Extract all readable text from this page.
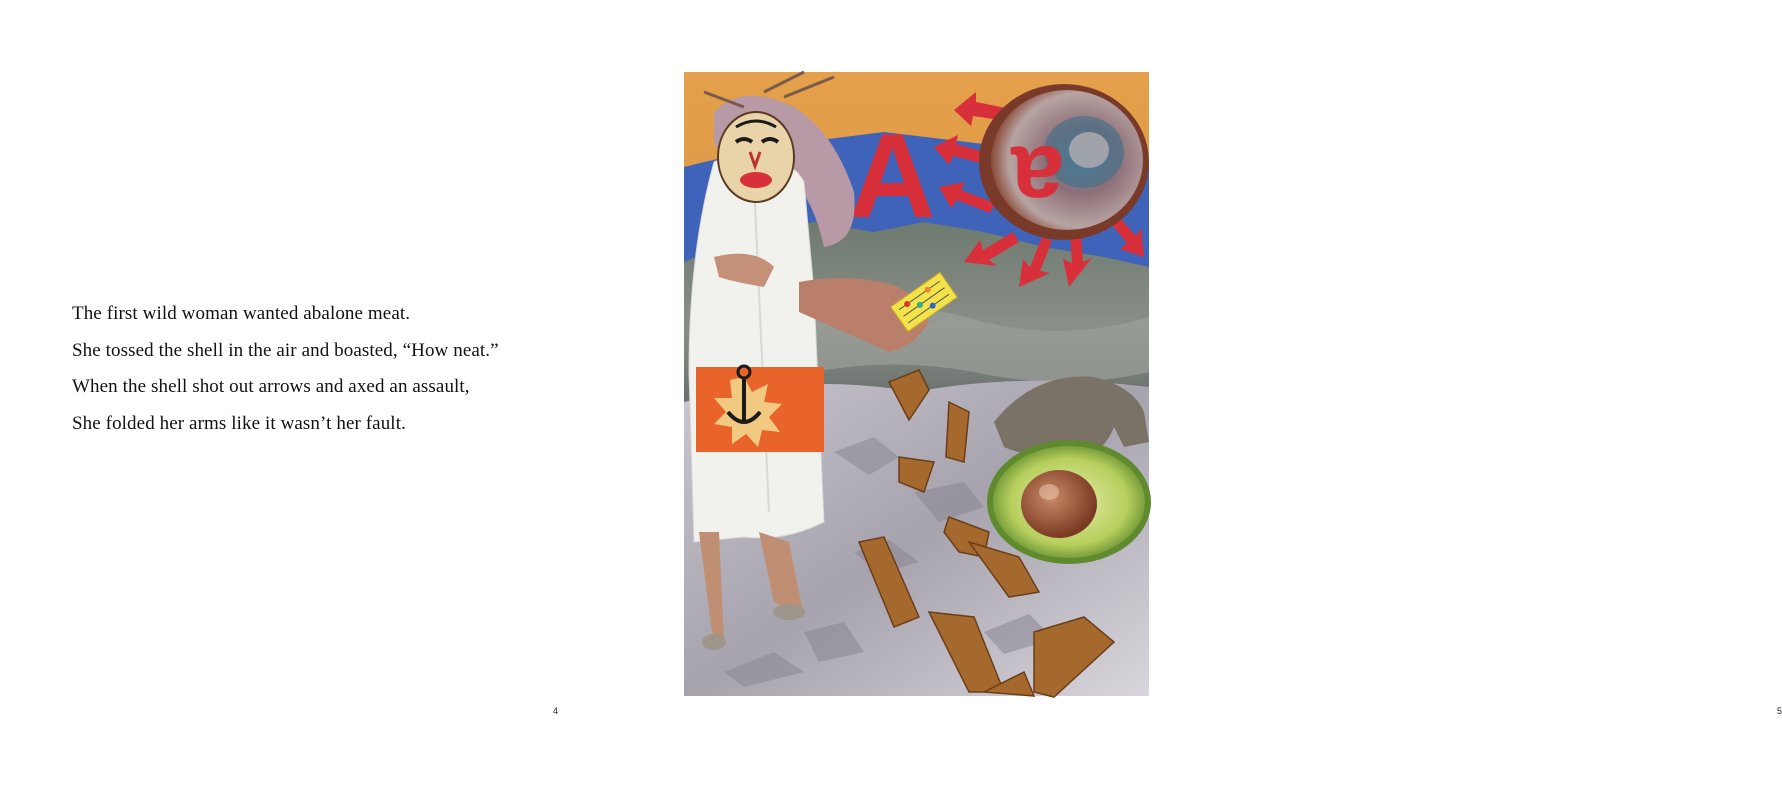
The first wild woman wanted abalone meat.
She tossed the shell in the air and boasted, “How neat.”
When the shell shot out arrows and axed an assault,
She folded her arms like it wasn’t her fault.
4
A a
5
